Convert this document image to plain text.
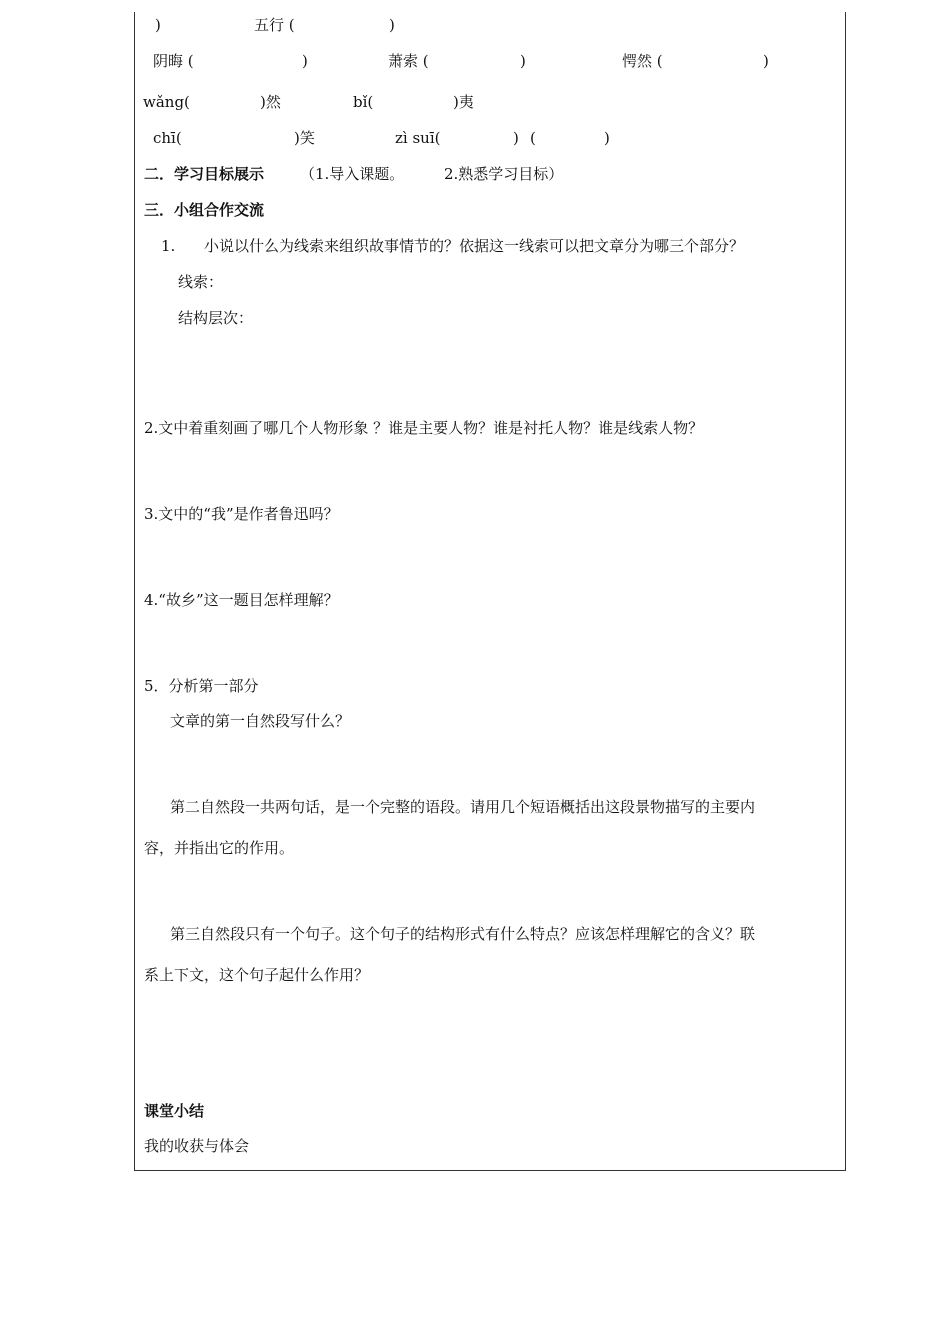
)	五行 (	)
阴晦 (	)	萧索 (	)	愕然 (	)
wǎng(	)然	bǐ(	)夷
chī(	)笑	zì suī(	) (	)
二．学习目标展示 （1.导入课题。	2.熟悉学习目标）
三．小组合作交流
1. 小说以什么为线索来组织故事情节的？依据这一线索可以把文章分为哪三个部分？
线索：
结构层次：
2.文中着重刻画了哪几个人物形象 ？谁是主要人物？谁是衬托人物？谁是线索人物？
3.文中的“我”是作者鲁迅吗？
4.“故乡”这一题目怎样理解？
5．分析第一部分
文章的第一自然段写什么？
第二自然段一共两句话，是一个完整的语段。请用几个短语概括出这段景物描写的主要内
容，并指出它的作用。
第三自然段只有一个句子。这个句子的结构形式有什么特点？应该怎样理解它的含义？联
系上下文，这个句子起什么作用？
课堂小结
我的收获与体会
